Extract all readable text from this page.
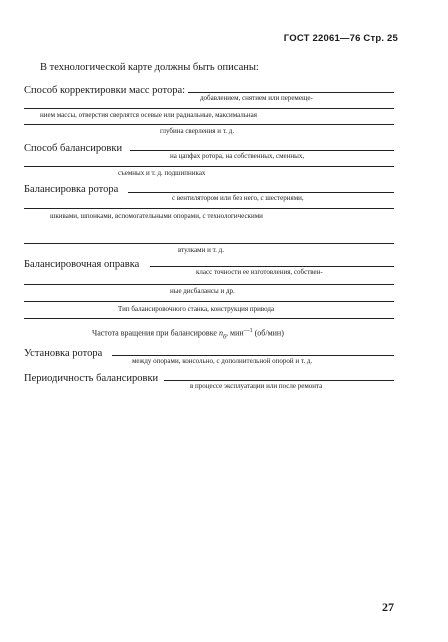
ГОСТ 22061—76 Стр. 25
В технологической карте должны быть описаны:
Способ корректировки масс ротора:
добавлением, снятием или перемеще-
нием массы, отверстия сверлятся осевые или радиальные, максимальная
глубина сверления и т. д.
Способ балансировки
на цапфах ротора, на собственных, сменных,
съемных и т. д. подшипниках
Балансировка ротора
с вентилятором или без него, с шестернями,
шкивами, шпонками, вспомогательными опорами, с технологическими
втулками и т. д.
Балансировочная оправка
класс точности ее изготовления, собствен-
ные дисбалансы и др.
Тип балансировочного станка, конструкция привода
Частота вращения при балансировке $n_б$, мин$^{—1}$ (об/мин)
Установка ротора
между опорами, консольно, с дополнительной опорой и т. д.
Периодичность балансировки
в процессе эксплуатации или после ремонта
27
